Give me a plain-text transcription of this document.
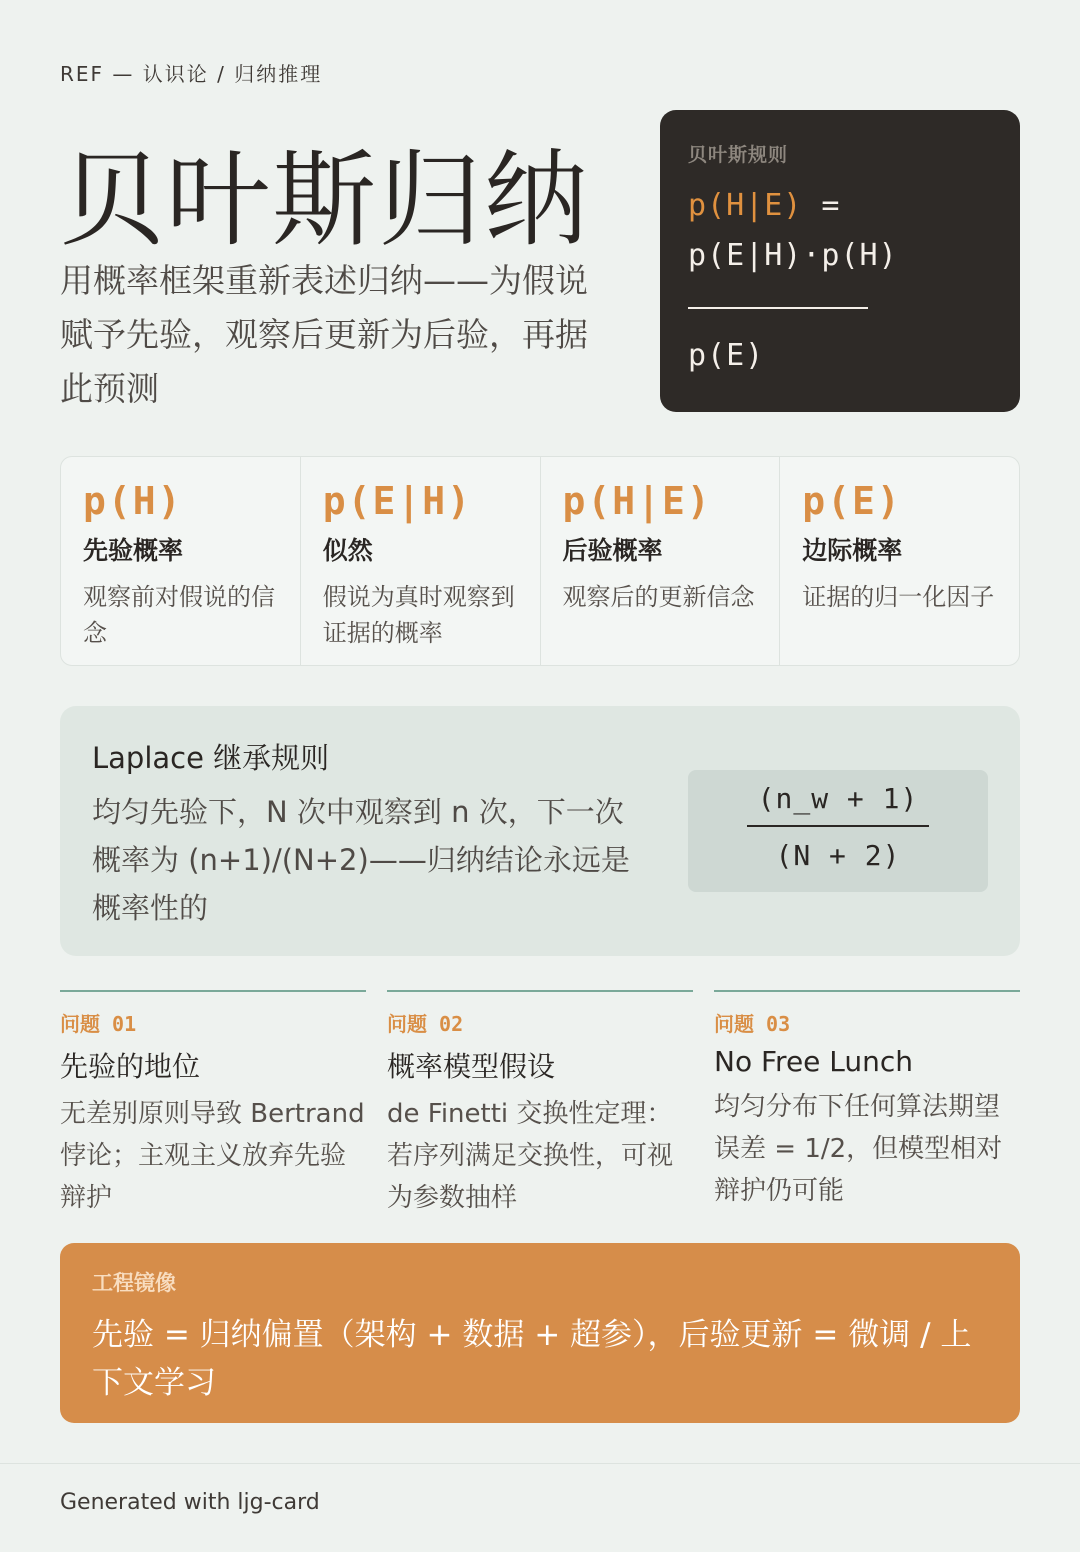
REF — 认识论 / 归纳推理
贝叶斯归纳
用概率框架重新表述归纳——为假说赋予先验，观察后更新为后验，再据此预测
贝叶斯规则
p(H|E) =
p(E|H)·p(H)
p(E)
p(H)
先验概率
观察前对假说的信念
p(E|H)
似然
假说为真时观察到证据的概率
p(H|E)
后验概率
观察后的更新信念
p(E)
边际概率
证据的归一化因子
Laplace 继承规则
均匀先验下，N 次中观察到 n 次，下一次概率为 (n+1)/(N+2)——归纳结论永远是概率性的
(n_w + 1)
(N + 2)
问题 01
先验的地位
无差别原则导致 Bertrand 悖论；主观主义放弃先验辩护
问题 02
概率模型假设
de Finetti 交换性定理：若序列满足交换性，可视为参数抽样
问题 03
No Free Lunch
均匀分布下任何算法期望误差 = 1/2，但模型相对辩护仍可能
工程镜像
先验 = 归纳偏置（架构 + 数据 + 超参），后验更新 = 微调 / 上下文学习
Generated with ljg-card
